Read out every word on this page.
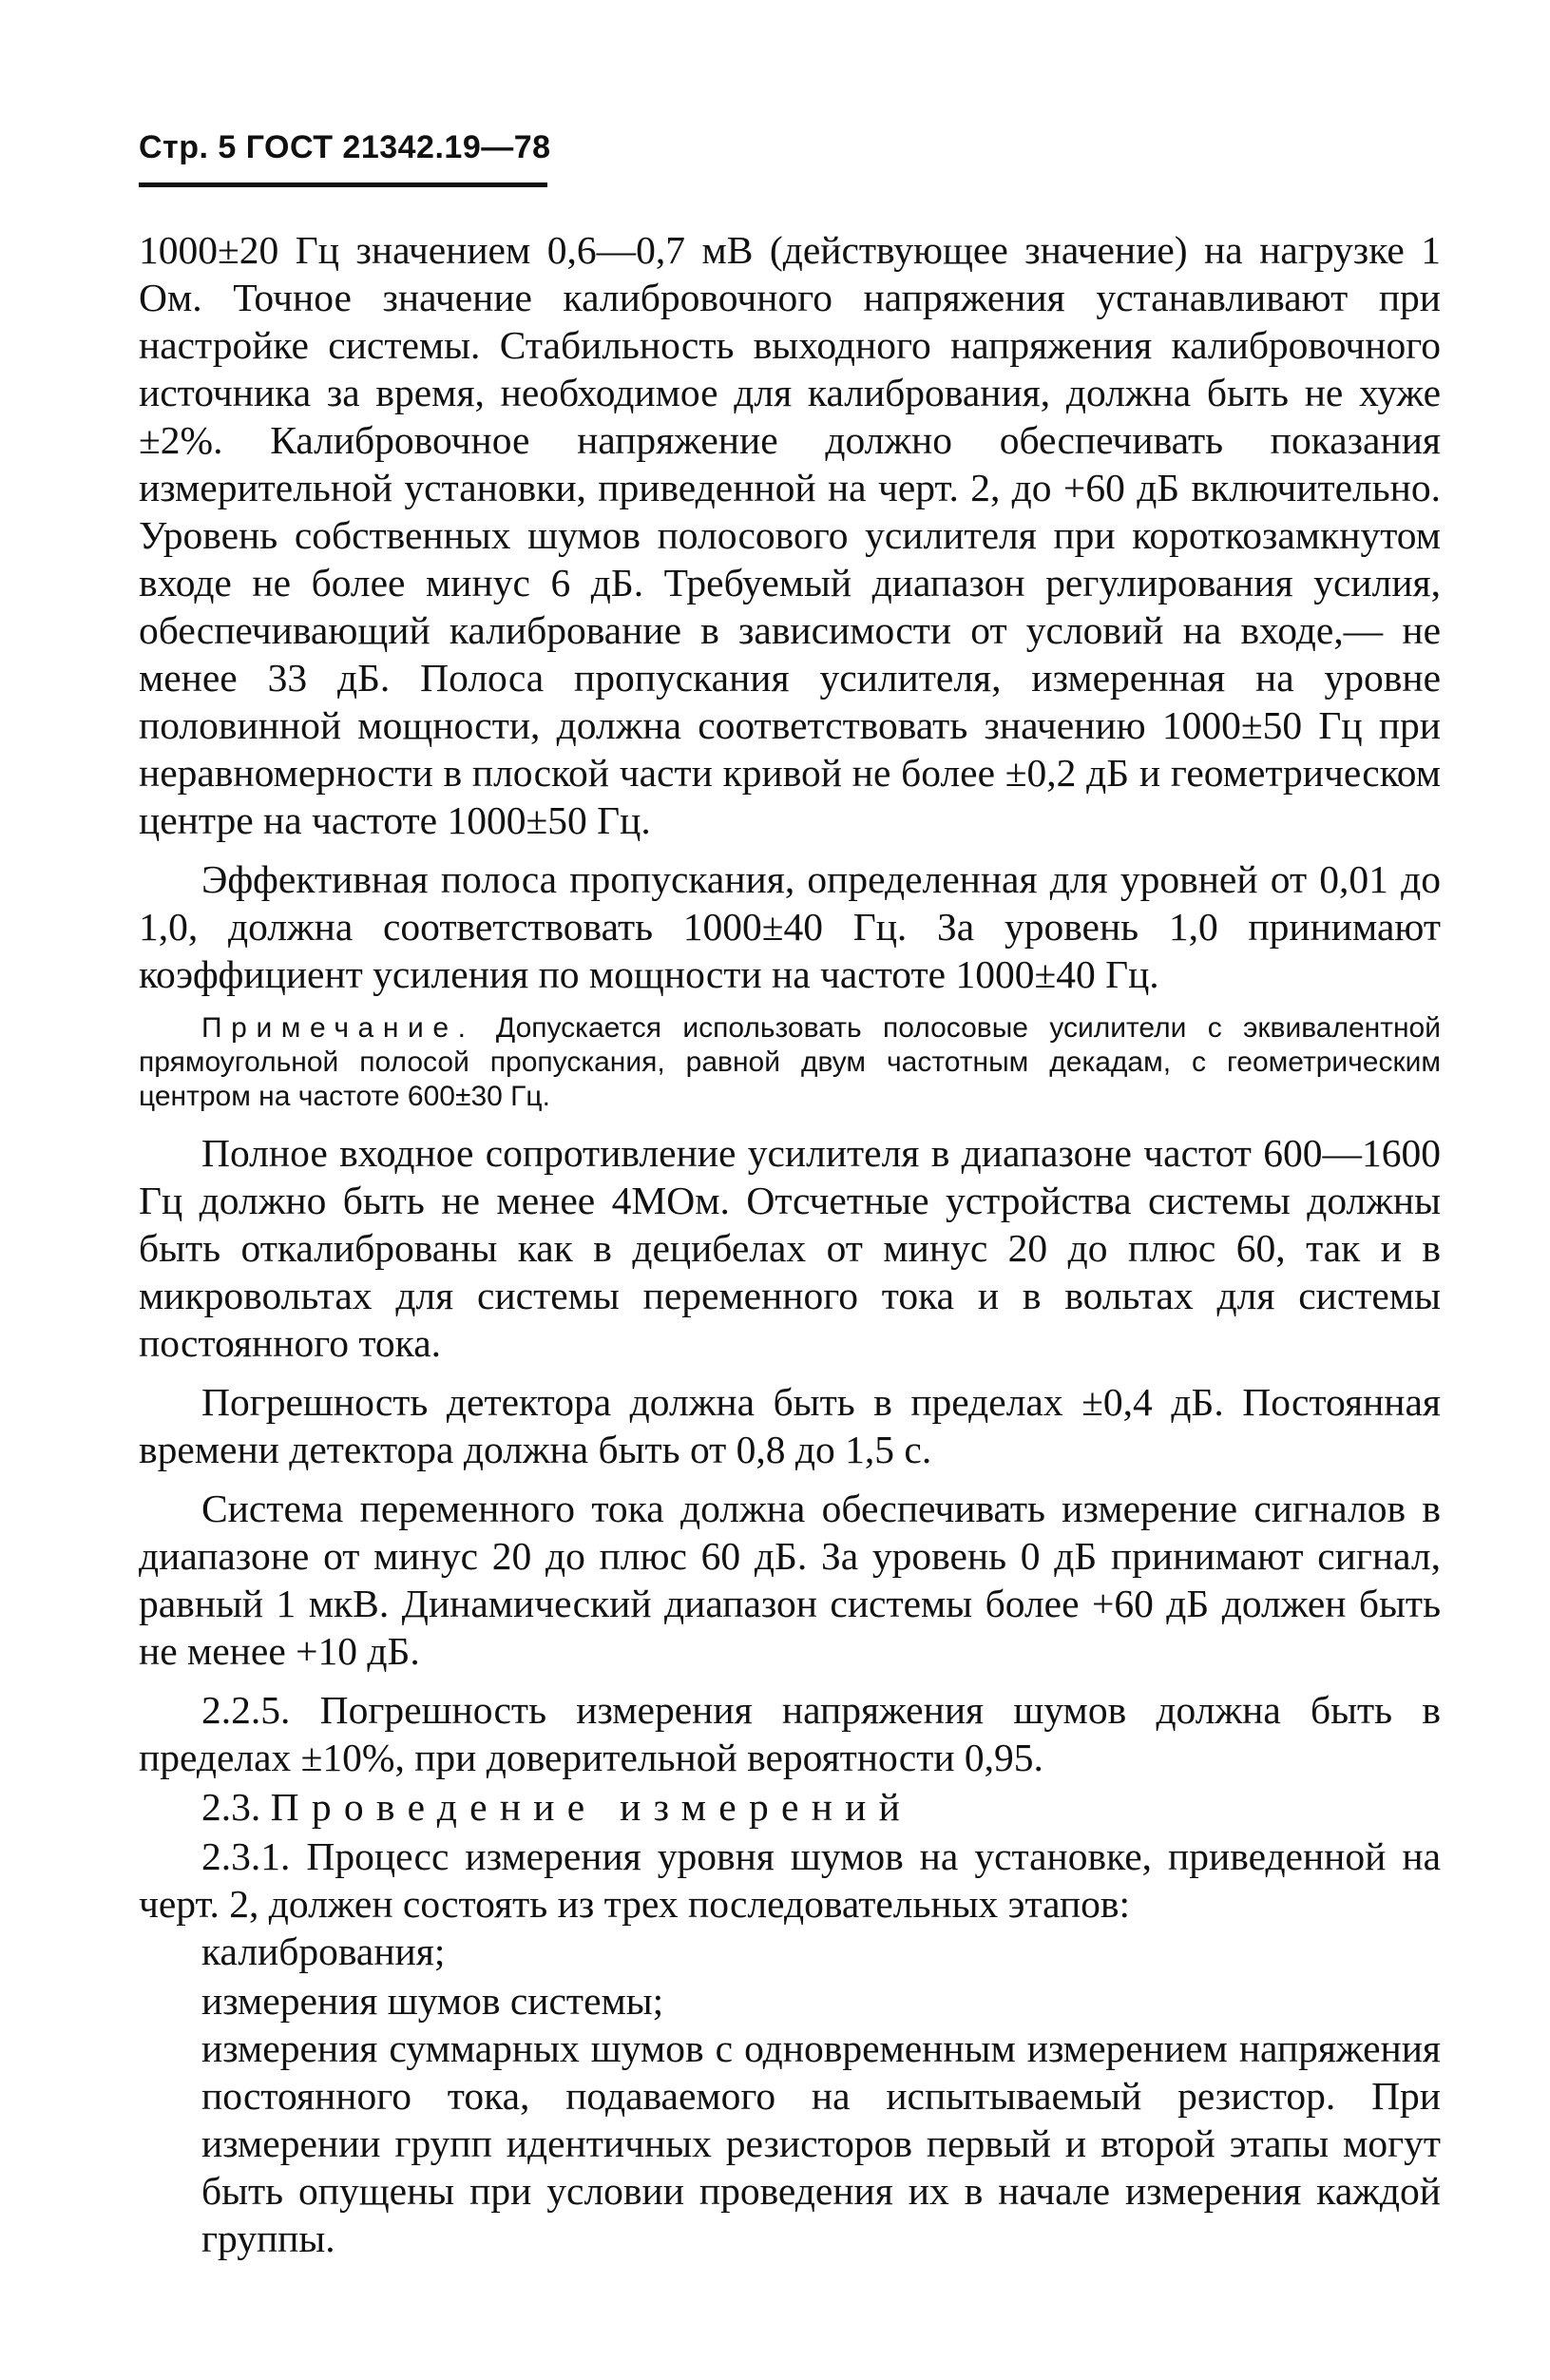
Стр. 5 ГОСТ 21342.19—78

1000±20 Гц значением 0,6—0,7 мВ (действующее значение) на нагрузке 1 Ом. Точное значение калибровочного напряжения устанавливают при настройке системы. Стабильность выходного напряжения калибровочного источника за время, необходимое для калибрования, должна быть не хуже ±2%. Калибровочное напряжение должно обеспечивать показания измерительной установки, приведенной на черт. 2, до +60 дБ включительно. Уровень собственных шумов полосового усилителя при короткозамкнутом входе не более минус 6 дБ. Требуемый диапазон регулирования усилия, обеспечивающий калибрование в зависимости от условий на входе,— не менее 33 дБ. Полоса пропускания усилителя, измеренная на уровне половинной мощности, должна соответствовать значению 1000±50 Гц при неравномерности в плоской части кривой не более ±0,2 дБ и геометрическом центре на частоте 1000±50 Гц.

Эффективная полоса пропускания, определенная для уровней от 0,01 до 1,0, должна соответствовать 1000±40 Гц. За уровень 1,0 принимают коэффициент усиления по мощности на частоте 1000±40 Гц.

Примечание. Допускается использовать полосовые усилители с эквивалентной прямоугольной полосой пропускания, равной двум частотным декадам, с геометрическим центром на частоте 600±30 Гц.

Полное входное сопротивление усилителя в диапазоне частот 600—1600 Гц должно быть не менее 4МОм. Отсчетные устройства системы должны быть откалиброваны как в децибелах от минус 20 до плюс 60, так и в микровольтах для системы переменного тока и в вольтах для системы постоянного тока.

Погрешность детектора должна быть в пределах ±0,4 дБ. Постоянная времени детектора должна быть от 0,8 до 1,5 с.

Система переменного тока должна обеспечивать измерение сигналов в диапазоне от минус 20 до плюс 60 дБ. За уровень 0 дБ принимают сигнал, равный 1 мкВ. Динамический диапазон системы более +60 дБ должен быть не менее +10 дБ.

2.2.5. Погрешность измерения напряжения шумов должна быть в пределах ±10%, при доверительной вероятности 0,95.

2.3. Проведение измерений

2.3.1. Процесс измерения уровня шумов на установке, приведенной на черт. 2, должен состоять из трех последовательных этапов:

калибрования;

измерения шумов системы;

измерения суммарных шумов с одновременным измерением напряжения постоянного тока, подаваемого на испытываемый резистор. При измерении групп идентичных резисторов первый и второй этапы могут быть опущены при условии проведения их в начале измерения каждой группы.
